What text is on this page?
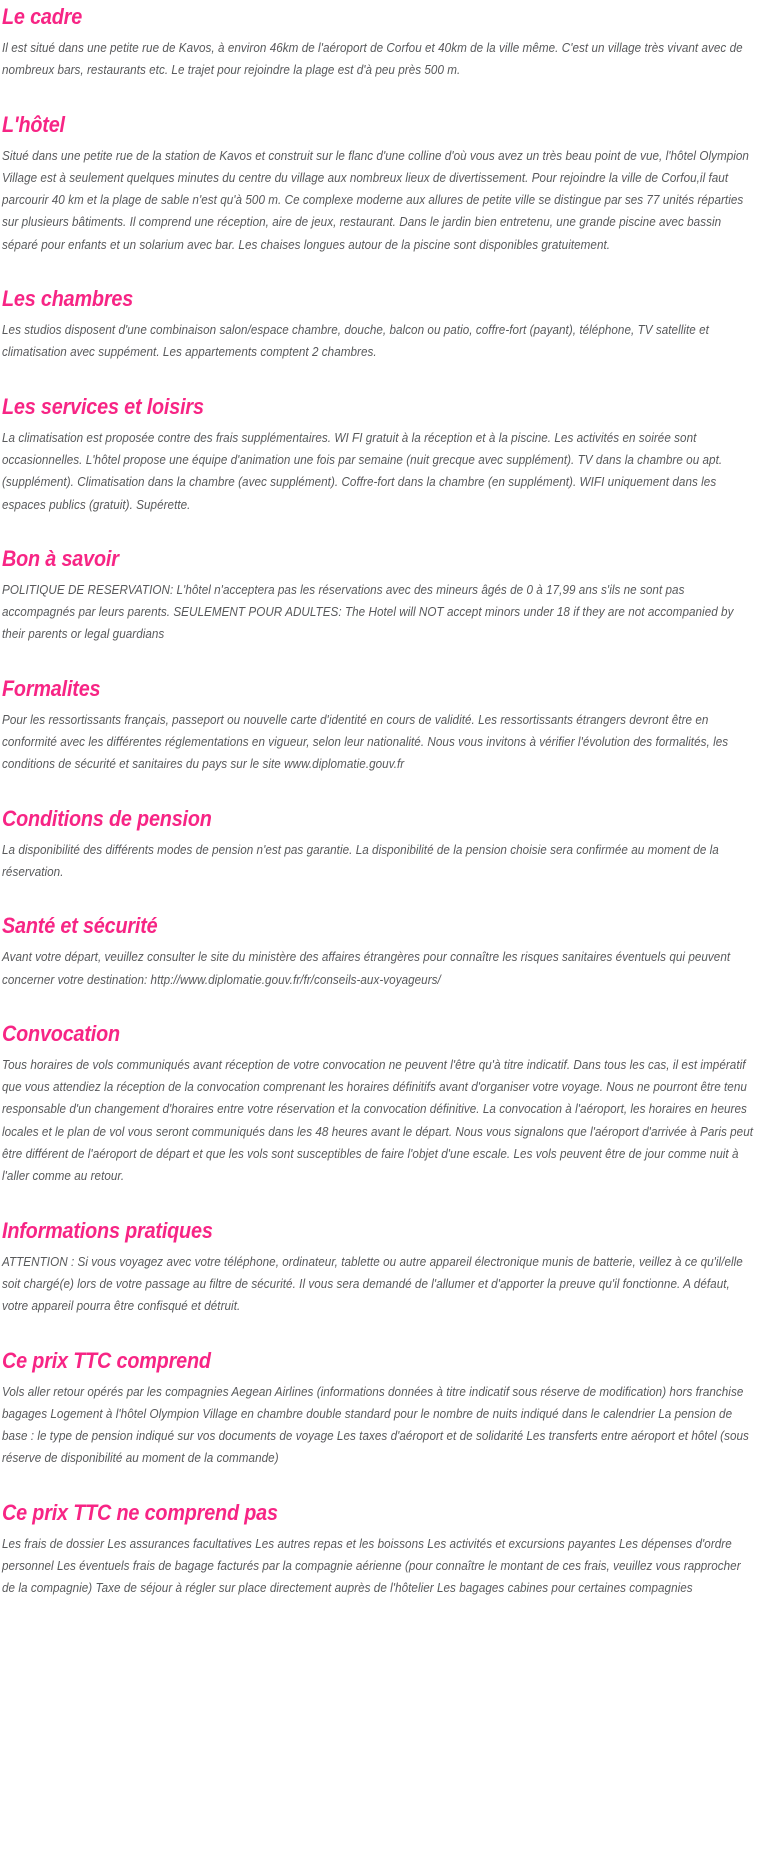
Le cadre

Il est situé dans une petite rue de Kavos, à environ 46km de l'aéroport de Corfou et 40km de la ville même. C'est un village très vivant avec de nombreux bars, restaurants etc. Le trajet pour rejoindre la plage est d'à peu près 500 m.

L'hôtel

Situé dans une petite rue de la station de Kavos et construit sur le flanc d'une colline d'où vous avez un très beau point de vue, l'hôtel Olympion Village est à seulement quelques minutes du centre du village aux nombreux lieux de divertissement. Pour rejoindre la ville de Corfou,il faut parcourir 40 km et la plage de sable n'est qu'à 500 m. Ce complexe moderne aux allures de petite ville se distingue par ses 77 unités réparties sur plusieurs bâtiments. Il comprend une réception, aire de jeux, restaurant. Dans le jardin bien entretenu, une grande piscine avec bassin séparé pour enfants et un solarium avec bar. Les chaises longues autour de la piscine sont disponibles gratuitement.

Les chambres

Les studios disposent d'une combinaison salon/espace chambre, douche, balcon ou patio, coffre-fort (payant), téléphone, TV satellite et climatisation avec suppément. Les appartements comptent 2 chambres.

Les services et loisirs

La climatisation est proposée contre des frais supplémentaires. WI FI gratuit à la réception et à la piscine. Les activités en soirée sont occasionnelles. L'hôtel propose une équipe d'animation une fois par semaine (nuit grecque avec supplément). TV dans la chambre ou apt. (supplément). Climatisation dans la chambre (avec supplément). Coffre-fort dans la chambre (en supplément). WIFI uniquement dans les espaces publics (gratuit). Supérette.

Bon à savoir

POLITIQUE DE RESERVATION: L'hôtel n'acceptera pas les réservations avec des mineurs âgés de 0 à 17,99 ans s'ils ne sont pas accompagnés par leurs parents. SEULEMENT POUR ADULTES: The Hotel will NOT accept minors under 18 if they are not accompanied by their parents or legal guardians

Formalites

Pour les ressortissants français, passeport ou nouvelle carte d'identité en cours de validité. Les ressortissants étrangers devront être en conformité avec les différentes réglementations en vigueur, selon leur nationalité. Nous vous invitons à vérifier l'évolution des formalités, les conditions de sécurité et sanitaires du pays sur le site www.diplomatie.gouv.fr

Conditions de pension

La disponibilité des différents modes de pension n'est pas garantie. La disponibilité de la pension choisie sera confirmée au moment de la réservation.

Santé et sécurité

Avant votre départ, veuillez consulter le site du ministère des affaires étrangères pour connaître les risques sanitaires éventuels qui peuvent concerner votre destination: http://www.diplomatie.gouv.fr/fr/conseils-aux-voyageurs/

Convocation

Tous horaires de vols communiqués avant réception de votre convocation ne peuvent l'être qu'à titre indicatif. Dans tous les cas, il est impératif que vous attendiez la réception de la convocation comprenant les horaires définitifs avant d'organiser votre voyage. Nous ne pourront être tenu responsable d'un changement d'horaires entre votre réservation et la convocation définitive. La convocation à l'aéroport, les horaires en heures locales et le plan de vol vous seront communiqués dans les 48 heures avant le départ. Nous vous signalons que l'aéroport d'arrivée à Paris peut être différent de l'aéroport de départ et que les vols sont susceptibles de faire l'objet d'une escale. Les vols peuvent être de jour comme nuit à l'aller comme au retour.

Informations pratiques

ATTENTION : Si vous voyagez avec votre téléphone, ordinateur, tablette ou autre appareil électronique munis de batterie, veillez à ce qu'il/elle soit chargé(e) lors de votre passage au filtre de sécurité. Il vous sera demandé de l'allumer et d'apporter la preuve qu'il fonctionne. A défaut, votre appareil pourra être confisqué et détruit.

Ce prix TTC comprend

Vols aller retour opérés par les compagnies Aegean Airlines (informations données à titre indicatif sous réserve de modification) hors franchise bagages Logement à l'hôtel Olympion Village en chambre double standard pour le nombre de nuits indiqué dans le calendrier La pension de base : le type de pension indiqué sur vos documents de voyage Les taxes d'aéroport et de solidarité Les transferts entre aéroport et hôtel (sous réserve de disponibilité au moment de la commande)

Ce prix TTC ne comprend pas

Les frais de dossier Les assurances facultatives Les autres repas et les boissons Les activités et excursions payantes Les dépenses d'ordre personnel Les éventuels frais de bagage facturés par la compagnie aérienne (pour connaître le montant de ces frais, veuillez vous rapprocher de la compagnie) Taxe de séjour à régler sur place directement auprès de l'hôtelier Les bagages cabines pour certaines compagnies
